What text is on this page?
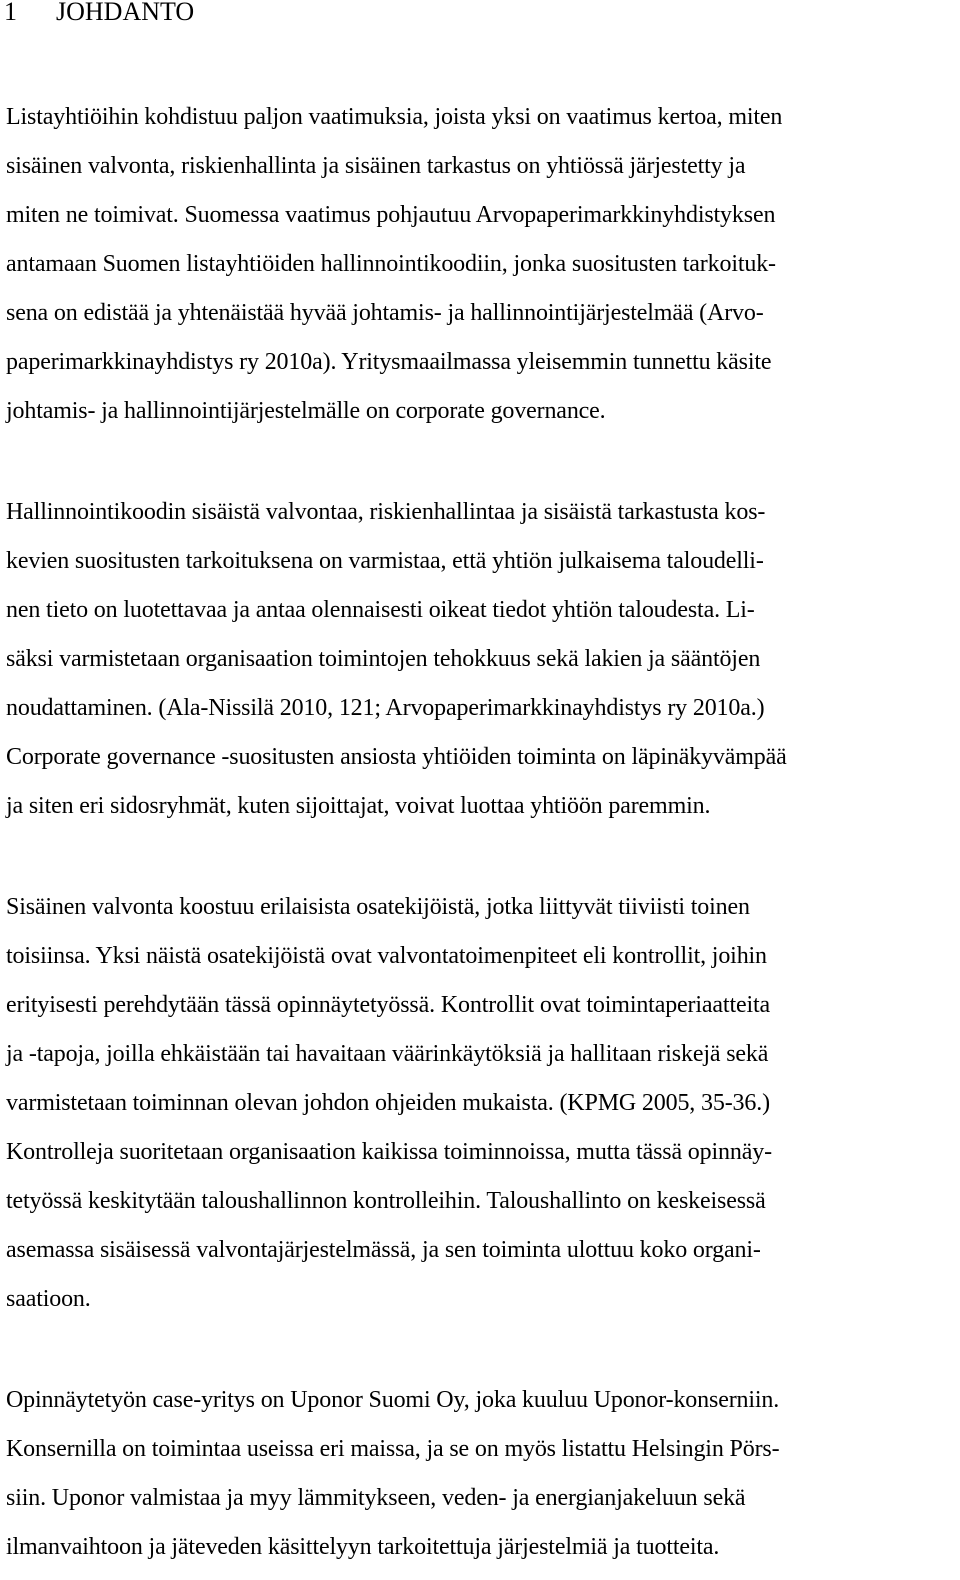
1 JOHDANTO
Listayhtiöihin kohdistuu paljon vaatimuksia, joista yksi on vaatimus kertoa, miten
sisäinen valvonta, riskienhallinta ja sisäinen tarkastus on yhtiössä järjestetty ja
miten ne toimivat. Suomessa vaatimus pohjautuu Arvopaperimarkkinyhdistyksen
antamaan Suomen listayhtiöiden hallinnointikoodiin, jonka suositusten tarkoituk-
sena on edistää ja yhtenäistää hyvää johtamis- ja hallinnointijärjestelmää (Arvo-
paperimarkkinayhdistys ry 2010a). Yritysmaailmassa yleisemmin tunnettu käsite
johtamis- ja hallinnointijärjestelmälle on corporate governance.
Hallinnointikoodin sisäistä valvontaa, riskienhallintaa ja sisäistä tarkastusta kos-
kevien suositusten tarkoituksena on varmistaa, että yhtiön julkaisema taloudelli-
nen tieto on luotettavaa ja antaa olennaisesti oikeat tiedot yhtiön taloudesta. Li-
säksi varmistetaan organisaation toimintojen tehokkuus sekä lakien ja sääntöjen
noudattaminen. (Ala-Nissilä 2010, 121; Arvopaperimarkkinayhdistys ry 2010a.)
Corporate governance -suositusten ansiosta yhtiöiden toiminta on läpinäkyvämpää
ja siten eri sidosryhmät, kuten sijoittajat, voivat luottaa yhtiöön paremmin.
Sisäinen valvonta koostuu erilaisista osatekijöistä, jotka liittyvät tiiviisti toinen
toisiinsa. Yksi näistä osatekijöistä ovat valvontatoimenpiteet eli kontrollit, joihin
erityisesti perehdytään tässä opinnäytetyössä. Kontrollit ovat toimintaperiaatteita
ja -tapoja, joilla ehkäistään tai havaitaan väärinkäytöksiä ja hallitaan riskejä sekä
varmistetaan toiminnan olevan johdon ohjeiden mukaista. (KPMG 2005, 35-36.)
Kontrolleja suoritetaan organisaation kaikissa toiminnoissa, mutta tässä opinnäy-
tetyössä keskitytään taloushallinnon kontrolleihin. Taloushallinto on keskeisessä
asemassa sisäisessä valvontajärjestelmässä, ja sen toiminta ulottuu koko organi-
saatioon.
Opinnäytetyön case-yritys on Uponor Suomi Oy, joka kuuluu Uponor-konserniin.
Konsernilla on toimintaa useissa eri maissa, ja se on myös listattu Helsingin Pörs-
siin. Uponor valmistaa ja myy lämmitykseen, veden- ja energianjakeluun sekä
ilmanvaihtoon ja jäteveden käsittelyyn tarkoitettuja järjestelmiä ja tuotteita.
